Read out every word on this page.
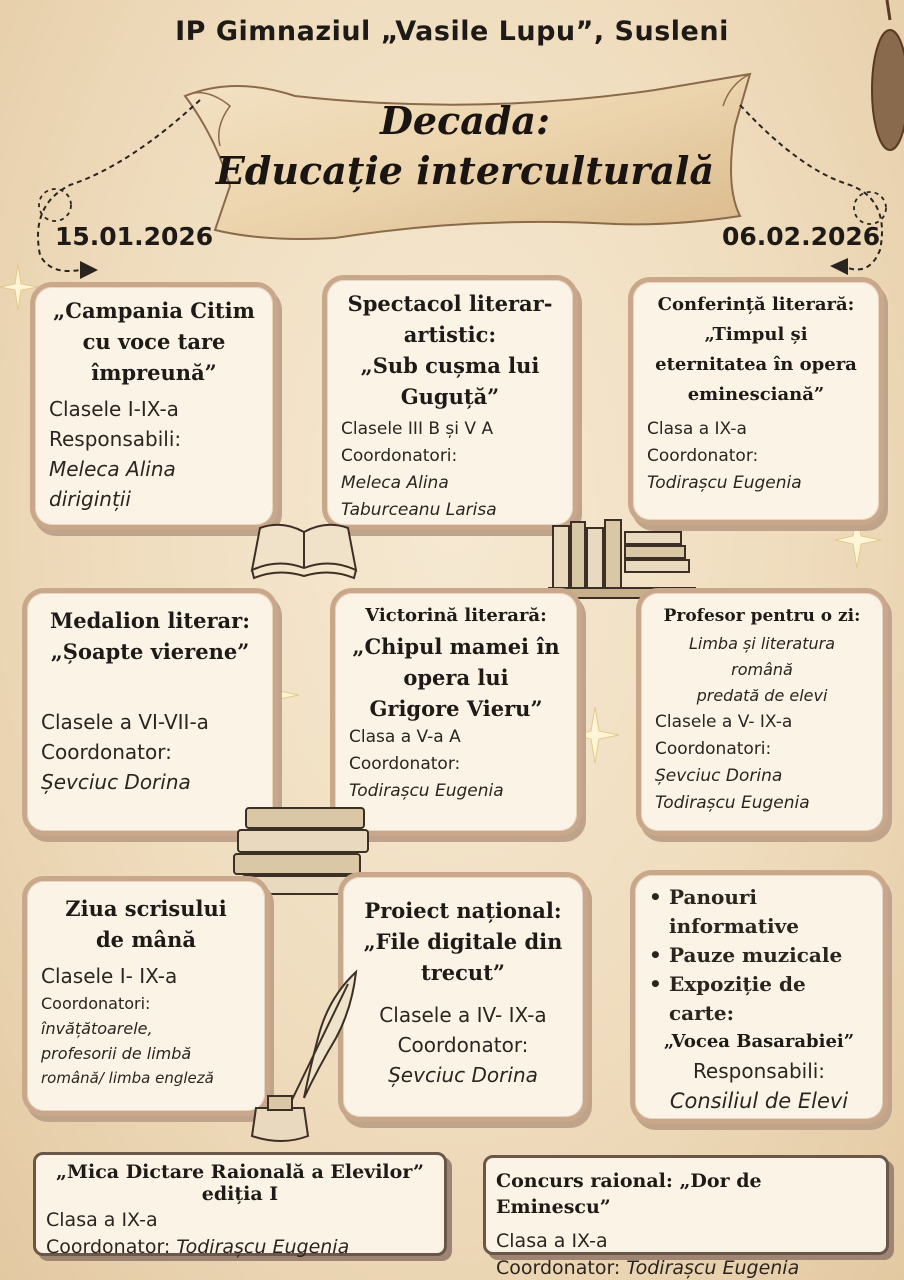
IP Gimnaziul „Vasile Lupu”, Susleni
Decada:
Educație interculturală
15.01.2026	06.02.2026
„Campania Citim
cu voce tare
împreună”
Clasele I-IX-a
Responsabili:
Meleca Alina
diriginții
Spectacol literar-
artistic:
„Sub cușma lui
Guguță”
Clasele III B și V A
Coordonatori:
Meleca Alina
Taburceanu Larisa
Conferință literară:
„Timpul și
eternitatea în opera
eminesciană”
Clasa a IX-a
Coordonator:
Todirașcu Eugenia
Medalion literar:
„Șoapte vierene”
Clasele a VI-VII-a
Coordonator:
Șevciuc Dorina
Victorină literară:
„Chipul mamei în
opera lui
Grigore Vieru”
Clasa a V-a A
Coordonator:
Todirașcu Eugenia
Profesor pentru o zi:
Limba și literatura
română
predată de elevi
Clasele a V- IX-a
Coordonatori:
Șevciuc Dorina
Todirașcu Eugenia
Ziua scrisului
de mână
Clasele I- IX-a
Coordonatori:
învățătoarele,
profesorii de limbă
română/ limba engleză
Proiect național:
„File digitale din
trecut”
Clasele a IV- IX-a
Coordonator:
Șevciuc Dorina
• Panouri
informative
• Pauze muzicale
• Expoziție de
carte:
„Vocea Basarabiei”
Responsabili:
Consiliul de Elevi
„Mica Dictare Raională a Elevilor”
ediția I
Clasa a IX-a
Coordonator: Todirașcu Eugenia
Concurs raional: „Dor de Eminescu”
Clasa a IX-a
Coordonator: Todirașcu Eugenia
